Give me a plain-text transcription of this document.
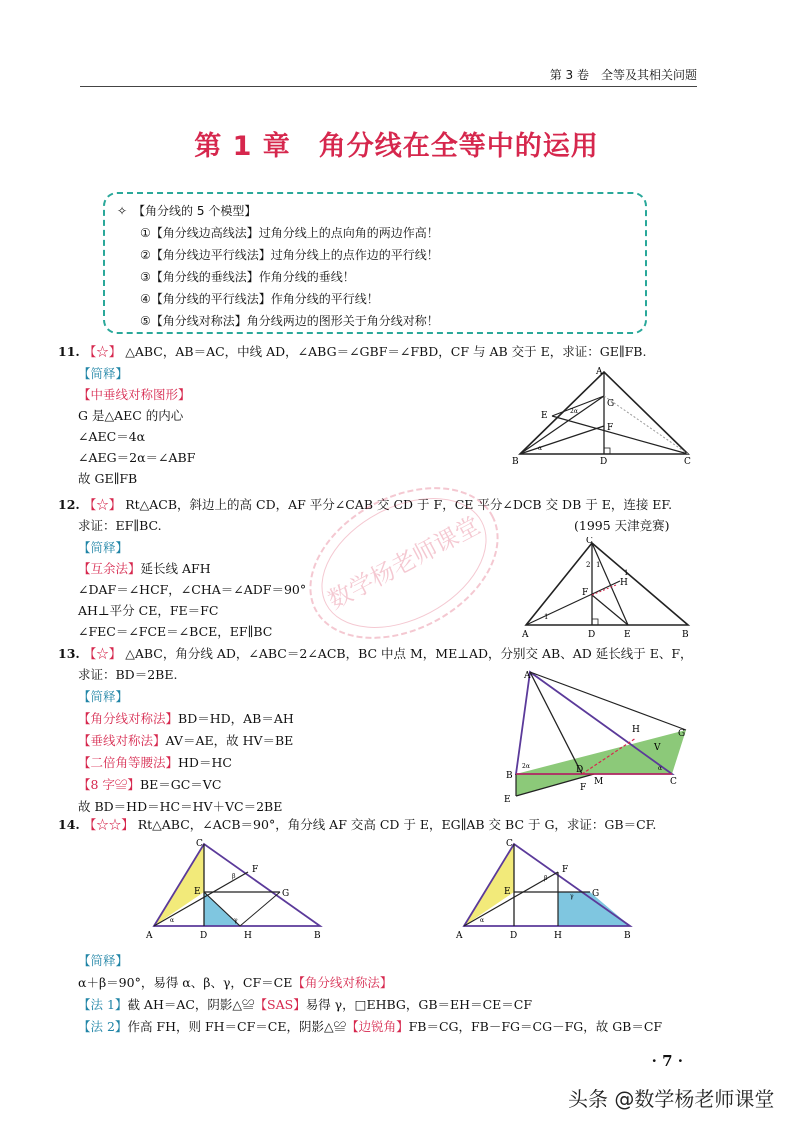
第 3 卷　全等及其相关问题
第 1 章　角分线在全等中的运用
✧　【角分线的 5 个模型】
①【角分线边高线法】过角分线上的点向角的两边作高！
②【角分线边平行线法】过角分线上的点作边的平行线！
③【角分线的垂线法】作角分线的垂线！
④【角分线的平行线法】作角分线的平行线！
⑤【角分线对称法】角分线两边的图形关于角分线对称！
11. 【☆】 △ABC，AB＝AC，中线 AD，∠ABG＝∠GBF＝∠FBD，CF 与 AB 交于 E，求证：GE∥FB.
【简释】
【中垂线对称图形】
G 是△AEC 的内心
∠AEC＝4α
∠AEG＝2α＝∠ABF
故 GE∥FB
A
E
G
F
B	D	C
2α
α
12. 【☆】 Rt△ACB，斜边上的高 CD，AF 平分∠CAB 交 CD 于 F，CE 平分∠DCB 交 DB 于 E，连接 EF.
求证：EF∥BC.	(1995 天津竞赛)
【简释】
【互余法】延长线 AFH
∠DAF＝∠HCF，∠CHA＝∠ADF＝90°
AH⊥平分 CE，FE＝FC
∠FEC＝∠FCE＝∠BCE，EF∥BC
C
2 1
1
H
F
1
A	D	E	B
13. 【☆】 △ABC，角分线 AD，∠ABC＝2∠ACB，BC 中点 M，ME⊥AD，分别交 AB、AD 延长线于 E、F，
求证：BD＝2BE.
【简释】
【角分线对称法】BD＝HD，AB＝AH
【垂线对称法】AV＝AE，故 HV＝BE
【二倍角等腰法】HD＝HC
【8 字≌】BE＝GC＝VC
故 BD＝HD＝HC＝HV＋VC＝2BE
A
H	G
V
2α	α
B
D
M	C
F
E
14. 【☆☆】 Rt△ABC，∠ACB＝90°，角分线 AF 交高 CD 于 E，EG∥AB 交 BC 于 G，求证：GB＝CF.
C
F
E	G
A	D	H	B
β
γ
α
C
F
E	G
A	D	H	B
β
γ
α
【简释】
α＋β＝90°，易得 α、β、γ，CF＝CE【角分线对称法】
【法 1】截 AH＝AC，阴影△≌【SAS】易得 γ，□EHBG，GB＝EH＝CE＝CF
【法 2】作高 FH，则 FH＝CF＝CE，阴影△≌【边锐角】FB＝CG，FB－FG＝CG－FG，故 GB＝CF
· 7 ·
头条 @数学杨老师课堂
数学杨老师课堂
